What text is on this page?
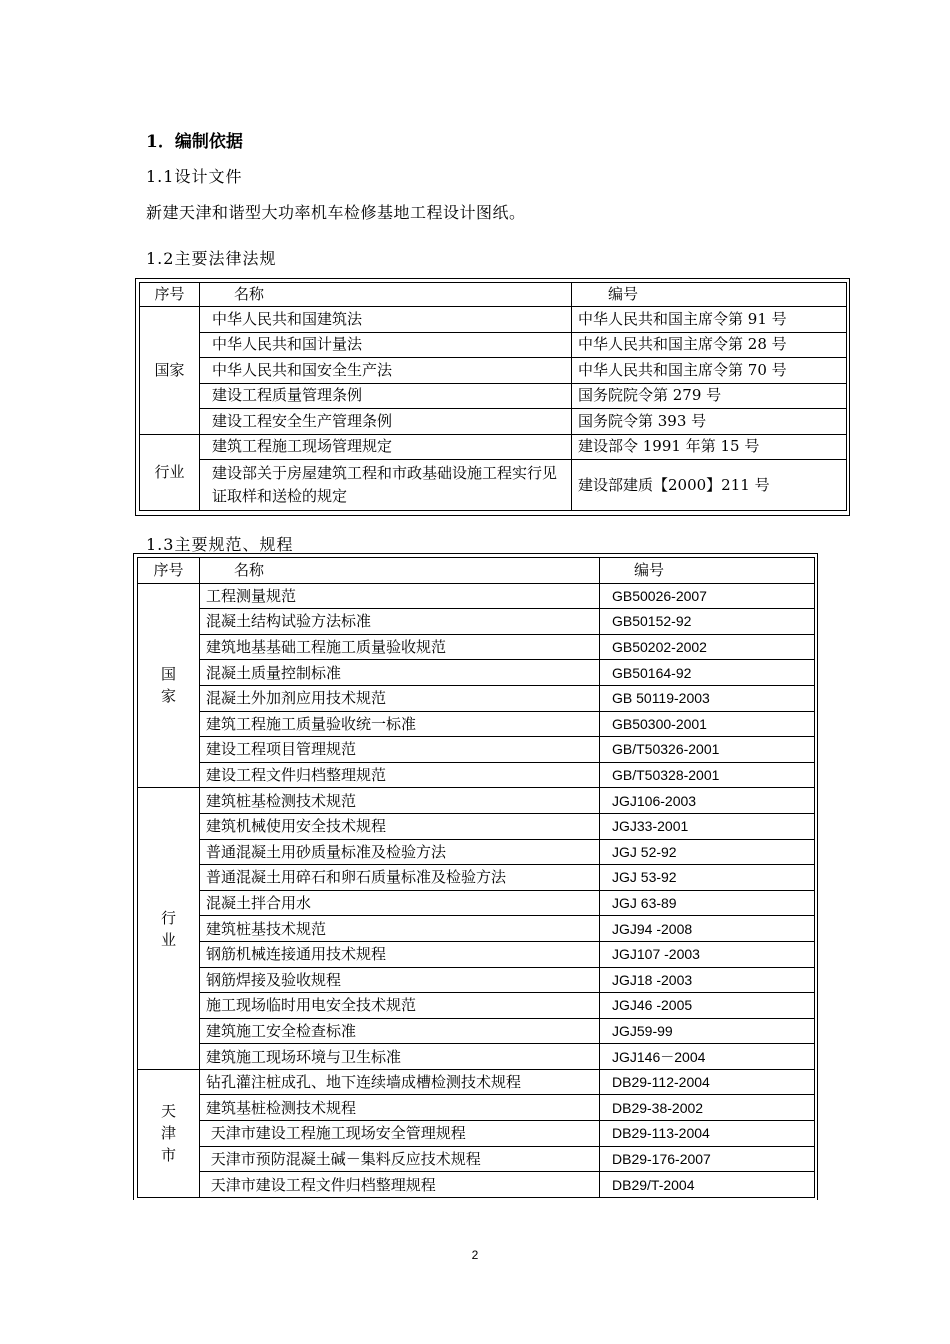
1．编制依据
1.1设计文件
新建天津和谐型大功率机车检修基地工程设计图纸。
1.2主要法律法规
序号	名称	编号
国家	中华人民共和国建筑法	中华人民共和国主席令第 91 号
	中华人民共和国计量法	中华人民共和国主席令第 28 号
	中华人民共和国安全生产法	中华人民共和国主席令第 70 号
	建设工程质量管理条例	国务院院令第 279 号
	建设工程安全生产管理条例	国务院令第 393 号
行业	建筑工程施工现场管理规定	建设部令 1991 年第 15 号
	建设部关于房屋建筑工程和市政基础设施工程实行见证取样和送检的规定	建设部建质【2000】211 号
1.3主要规范、规程
序号	名称	编号
国
家	工程测量规范	GB50026-2007
	混凝土结构试验方法标准	GB50152-92
	建筑地基基础工程施工质量验收规范	GB50202-2002
	混凝土质量控制标准	GB50164-92
	混凝土外加剂应用技术规范	GB 50119-2003
	建筑工程施工质量验收统一标准	GB50300-2001
	建设工程项目管理规范	GB/T50326-2001
	建设工程文件归档整理规范	GB/T50328-2001
行
业	建筑桩基检测技术规范	JGJ106-2003
	建筑机械使用安全技术规程	JGJ33-2001
	普通混凝土用砂质量标准及检验方法	JGJ 52-92
	普通混凝土用碎石和卵石质量标准及检验方法	JGJ 53-92
	混凝土拌合用水	JGJ 63-89
	建筑桩基技术规范	JGJ94 -2008
	钢筋机械连接通用技术规程	JGJ107 -2003
	钢筋焊接及验收规程	JGJ18 -2003
	施工现场临时用电安全技术规范	JGJ46 -2005
	建筑施工安全检查标准	JGJ59-99
	建筑施工现场环境与卫生标准	JGJ146－2004
天
津
市	钻孔灌注桩成孔、地下连续墙成槽检测技术规程	DB29-112-2004
	建筑基桩检测技术规程	DB29-38-2002
	天津市建设工程施工现场安全管理规程	DB29-113-2004
	天津市预防混凝土碱－集料反应技术规程	DB29-176-2007
	天津市建设工程文件归档整理规程	DB29/T-2004
2
